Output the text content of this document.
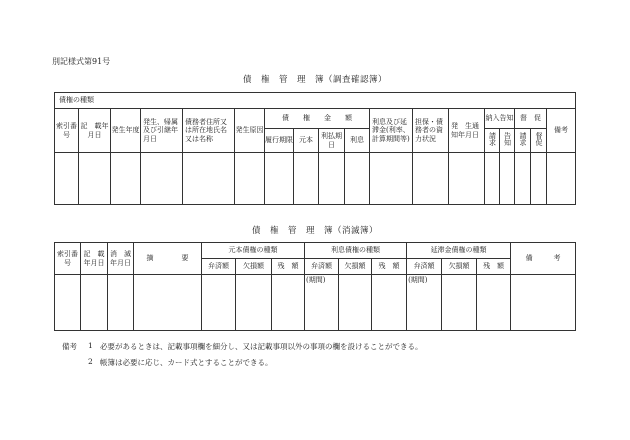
別記様式第91号
債　権　管　理　簿（調査確認簿）
債権の種類																	
索引番号	記　載年月日	発生年度	発生、帰属及び引継年月日	債務者住所又は所在地氏名又は名称	発生原因	債　　権　　金　　額				利息及び延滞金(利率、計算期間等)	担保・債務者の資力状況	発　生通　知年月日	納入告知		督　促		備考
						履行期限	元本	利払期日	利息				請求	告知	請求	督促	

債　権　管　理　簿（消滅簿）
索引番号	記　載年月日	消　滅年月日	摘　　　　要	元本債権の種類			利息債権の種類			延滞金債権の種類			備　　　考
				弁済額	欠損額	残　額	弁済額	欠損額	残　額	弁済額	欠損額	残　額	
							(期間)			(期間)			
備考 1 必要があるときは、記載事項欄を細分し、又は記載事項以外の事項の欄を設けることができる。
2 帳簿は必要に応じ、カード式とすることができる。
